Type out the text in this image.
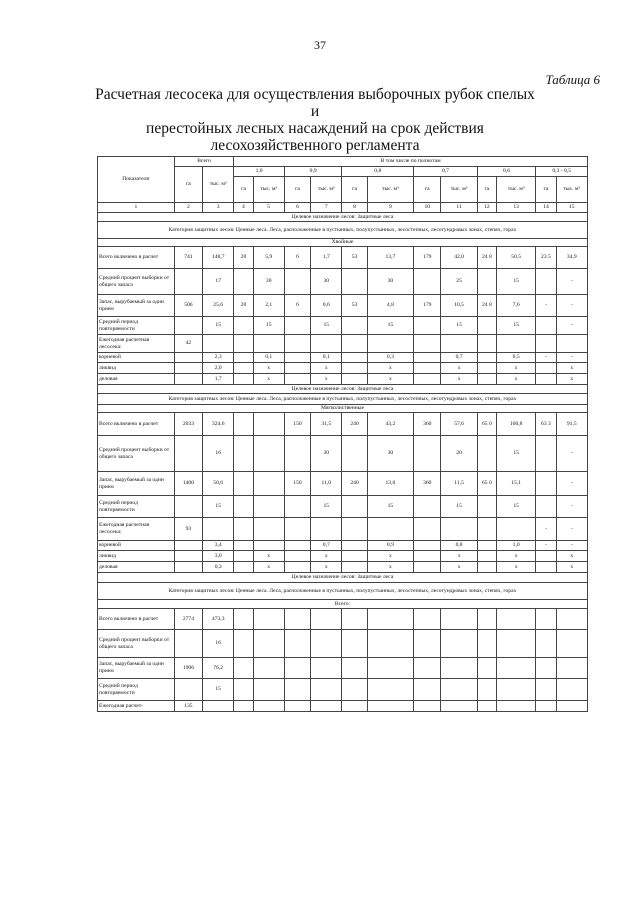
37
Таблица 6
Расчетная лесосека для осуществления выборочных рубок спелых и
перестойных лесных насаждений на срок действия
лесохозяйственного регламента
Показатели	Всего		В том числе по полнотам											
	га	тыс. м³	1,0		0,9		0,8		0,7		0,6		0,3 - 0,5	
			га	тыс. м³	га	тыс. м³	га	тыс. м³	га	тыс. м³	га	тыс. м³	га	тыс. м³
1	2	3	4	5	6	7	8	9	10	11	12	13	14	15
Целевое назначение лесов: Защитные леса														
Категория защитных лесов: Ценные леса. Леса, расположенные в пустынных, полупустынных, лесостепных, лесотундровых зонах, степях, горах														
Хвойные														
Всего включено в расчет	741	148,7	20	5,9	6	1,7	53	13,7	179	42,0	24 8	50,5	23 5	34,9
Средний процент выборки от общего запаса		17		30		30		30		25		15		-
Запас, вырубаемый за один прием	506	25,6	20	2,1	6	0,6	53	4,8	179	10,5	24 8	7,6	-	-
Средний период повторяемости		15		15		15		15		15		15		-
Ежегодная расчетная лесосека:	42													
корневой		2,3		0,1		0,1		0,3		0,7		0,5	-	-
ликвид		2,0		х		х		х		х		х		х
деловая		1,7		х		х		х		х		х		х
Целевое назначение лесов: Защитные леса														
Категория защитных лесов: Ценные леса. Леса, расположенные в пустынных, полупустынных, лесостепных, лесотундровых зонах, степях, горах														
Мягколиственные														
Всего включено в расчет	2033	324,6			150	31,5	240	43,2	360	57,6	65 0	100,8	63 3	91,5
Средний процент выборки от общего запаса		16				30		30		20		15		-
Запас, вырубаемый за один прием	1400	50,6			150	11,0	240	13,0	360	11,5	65 0	15,1		-
Средний период повторяемости		15				15		15		15		15		-
Ежегодная расчетная лесосека:	93												-	-
корневой		3,4				0,7		0,9		0,8		1,0	-	-
ликвид		3,0		х		х		х		х		х		х
деловая		0,3		х		х		х		х		х		х
Целевое назначение лесов: Защитные леса														
Категория защитных лесов: Ценные леса. Леса, расположенные в пустынных, полупустынных, лесостепных, лесотундровых зонах, степях, горах														
Всего:														
Всего включено в расчет	2774	473,3												
Средний процент выборки от общего запаса		16												
Запас, вырубаемый за один прием	1906	76,2												
Средний период повторяемости		15												
Ежегодная расчет-	135													
